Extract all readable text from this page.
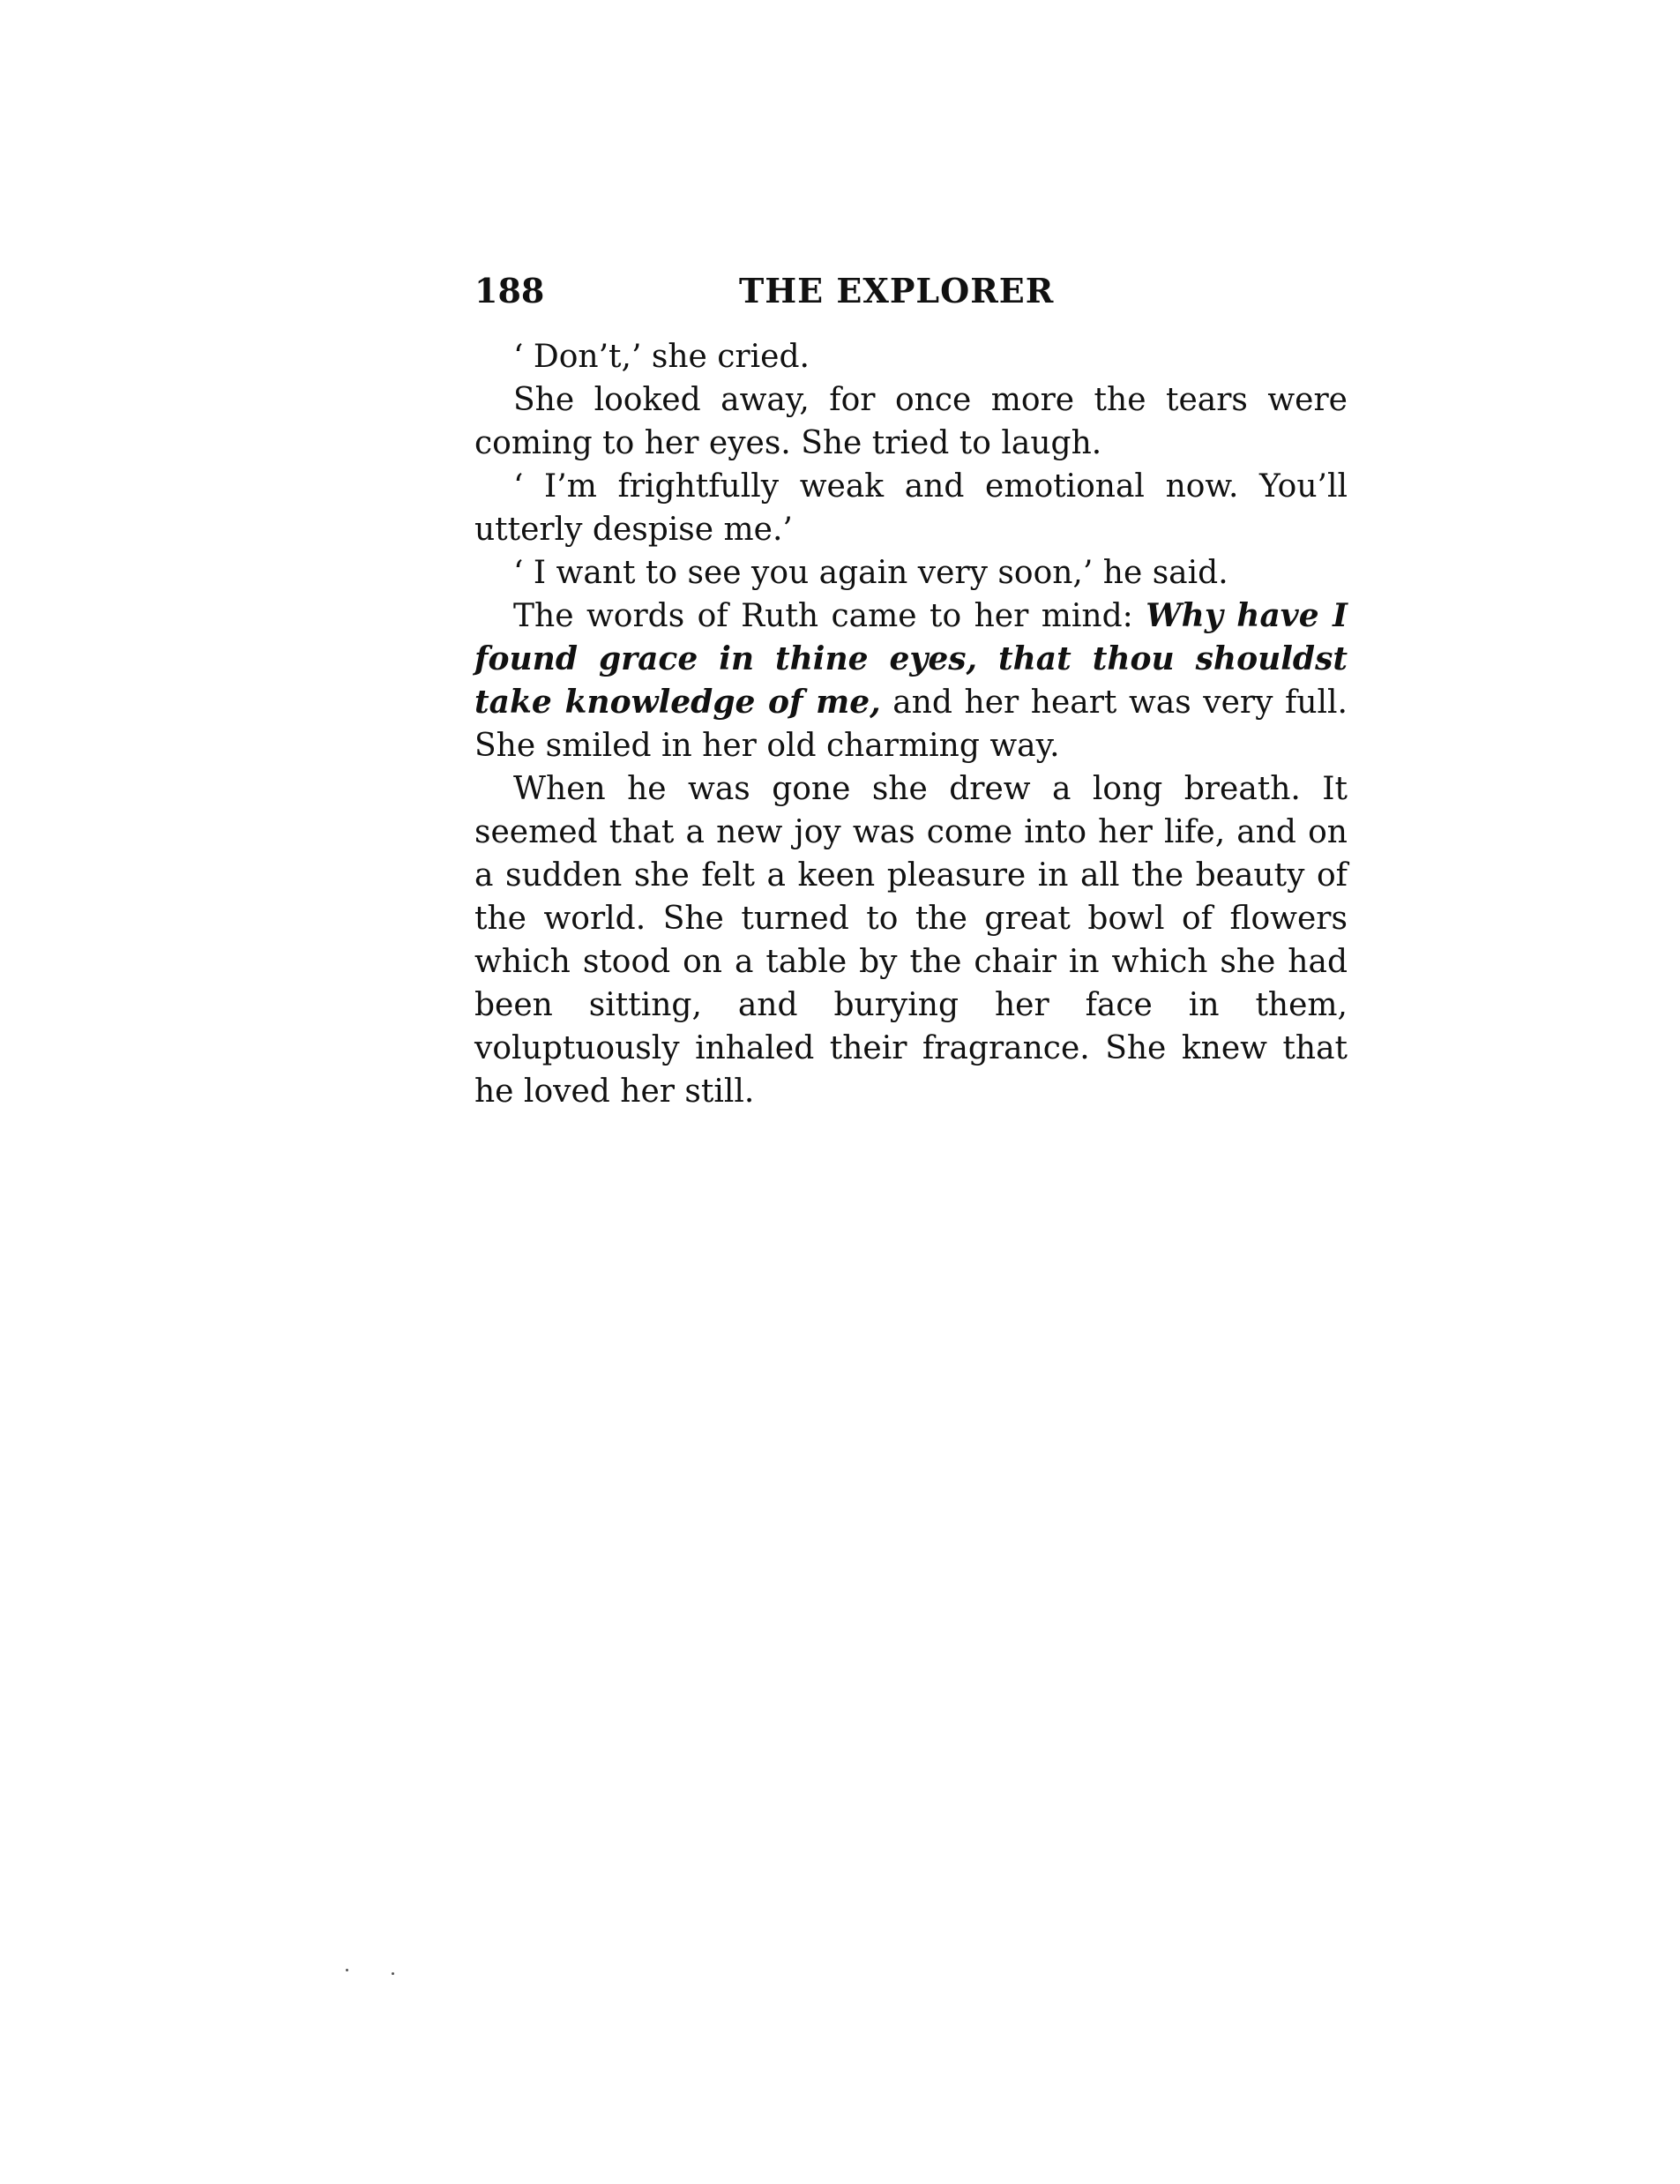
188	THE EXPLORER

‘ Don’t,’ she cried.

She looked away, for once more the tears were coming to her eyes. She tried to laugh.

‘ I’m frightfully weak and emotional now. You’ll utterly despise me.’

‘ I want to see you again very soon,’ he said.

The words of Ruth came to her mind: Why have I found grace in thine eyes, that thou shouldst take knowledge of me, and her heart was very full. She smiled in her old charming way.

When he was gone she drew a long breath. It seemed that a new joy was come into her life, and on a sudden she felt a keen pleasure in all the beauty of the world. She turned to the great bowl of flowers which stood on a table by the chair in which she had been sitting, and burying her face in them, voluptuously inhaled their fragrance. She knew that he loved her still.
